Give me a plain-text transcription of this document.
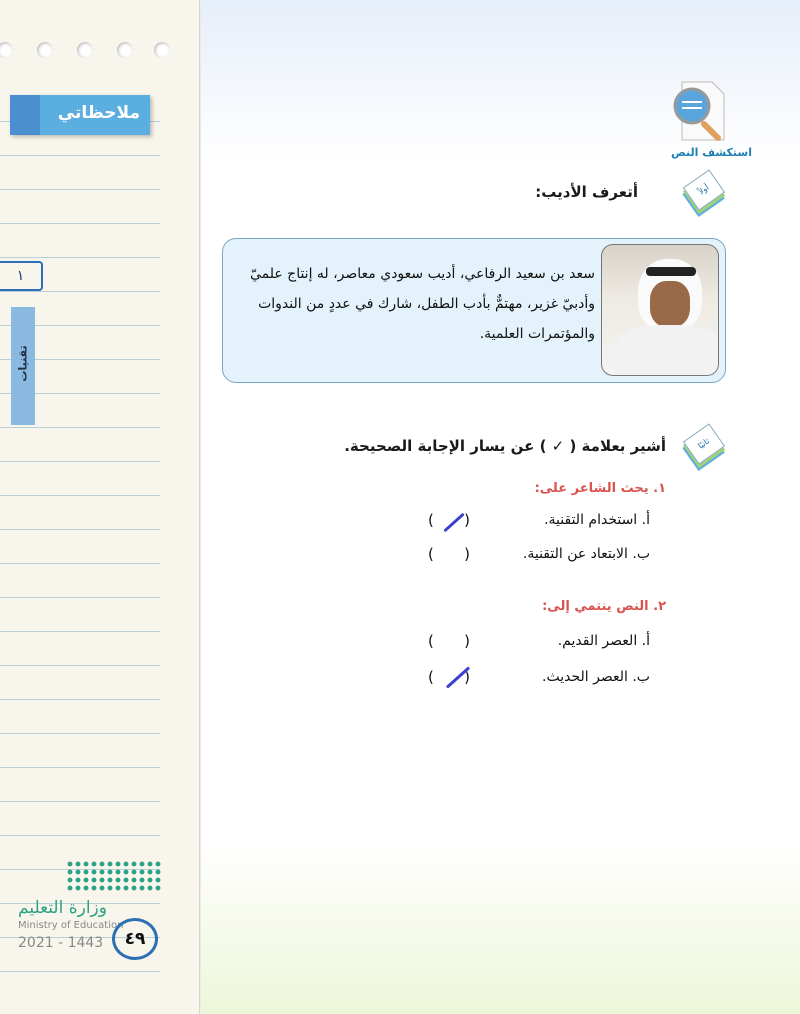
ملاحظاتي
١
تقنيات
وزارة التعليم
Ministry of Education
2021 - 1443	٤٩
استكشف النص
أولاً
أتعرف الأديب:
سعد بن سعيد الرفاعي، أديب سعودي معاصر، له إنتاج علميّ
وأدبيّ غزير، مهتمٌّ بأدب الطفل، شارك في عددٍ من الندوات
والمؤتمرات العلمية.
ثانيًا
أشير بعلامة ( ✓ ) عن يسار الإجابة الصحيحة.
١. يحث الشاعر على:
أ. استخدام التقنية.
( )
ب. الابتعاد عن التقنية.
( )
٢. النص ينتمي إلى:
أ. العصر القديم.
( )
ب. العصر الحديث.
( )
